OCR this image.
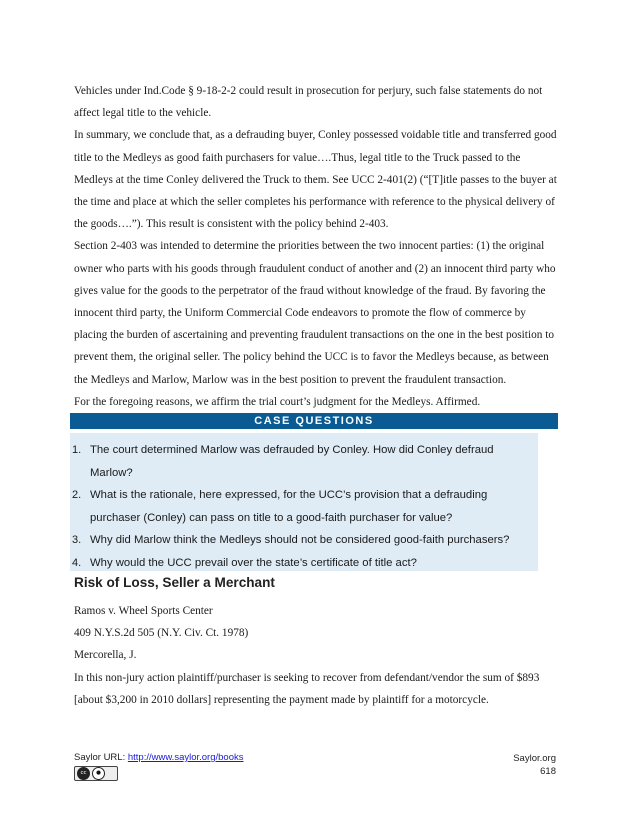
Vehicles under Ind.Code § 9-18-2-2 could result in prosecution for perjury, such false statements do not affect legal title to the vehicle.

In summary, we conclude that, as a defrauding buyer, Conley possessed voidable title and transferred good title to the Medleys as good faith purchasers for value….Thus, legal title to the Truck passed to the Medleys at the time Conley delivered the Truck to them. See UCC 2-401(2) (“[T]itle passes to the buyer at the time and place at which the seller completes his performance with reference to the physical delivery of the goods….”). This result is consistent with the policy behind 2-403.

Section 2-403 was intended to determine the priorities between the two innocent parties: (1) the original owner who parts with his goods through fraudulent conduct of another and (2) an innocent third party who gives value for the goods to the perpetrator of the fraud without knowledge of the fraud. By favoring the innocent third party, the Uniform Commercial Code endeavors to promote the flow of commerce by placing the burden of ascertaining and preventing fraudulent transactions on the one in the best position to prevent them, the original seller. The policy behind the UCC is to favor the Medleys because, as between the Medleys and Marlow, Marlow was in the best position to prevent the fraudulent transaction.

For the foregoing reasons, we affirm the trial court’s judgment for the Medleys. Affirmed.

CASE QUESTIONS
1. The court determined Marlow was defrauded by Conley. How did Conley defraud Marlow?
2. What is the rationale, here expressed, for the UCC’s provision that a defrauding purchaser (Conley) can pass on title to a good-faith purchaser for value?
3. Why did Marlow think the Medleys should not be considered good-faith purchasers?
4. Why would the UCC prevail over the state’s certificate of title act?
Risk of Loss, Seller a Merchant

Ramos v. Wheel Sports Center

409 N.Y.S.2d 505 (N.Y. Civ. Ct. 1978)

Mercorella, J.

In this non-jury action plaintiff/purchaser is seeking to recover from defendant/vendor the sum of $893 [about $3,200 in 2010 dollars] representing the payment made by plaintiff for a motorcycle.

Saylor URL: http://www.saylor.org/books
cc	●
Saylor.org
618
